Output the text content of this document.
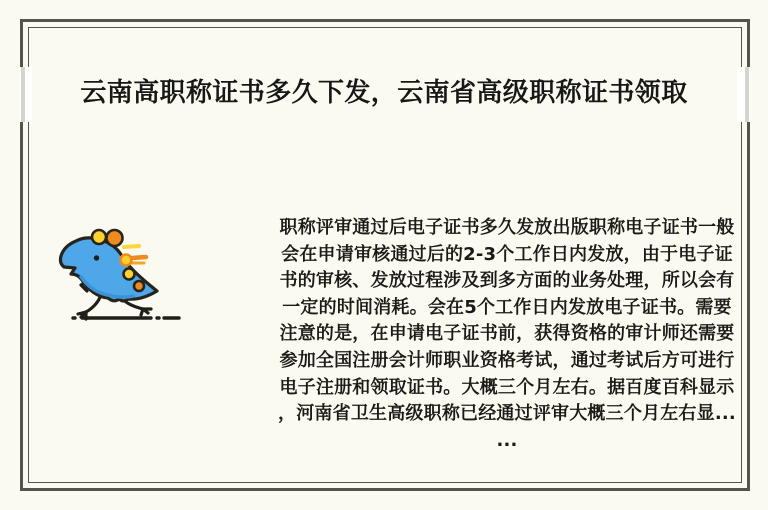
云南高职称证书多久下发，云南省高级职称证书领取
职称评审通过后电子证书多久发放出版职称电子证书一般
会在申请审核通过后的2-3个工作日内发放，由于电子证
书的审核、发放过程涉及到多方面的业务处理，所以会有
一定的时间消耗。会在5个工作日内发放电子证书。需要
注意的是，在申请电子证书前，获得资格的审计师还需要
参加全国注册会计师职业资格考试，通过考试后方可进行
电子注册和领取证书。大概三个月左右。据百度百科显示
，河南省卫生高级职称已经通过评审大概三个月左右显...
...
